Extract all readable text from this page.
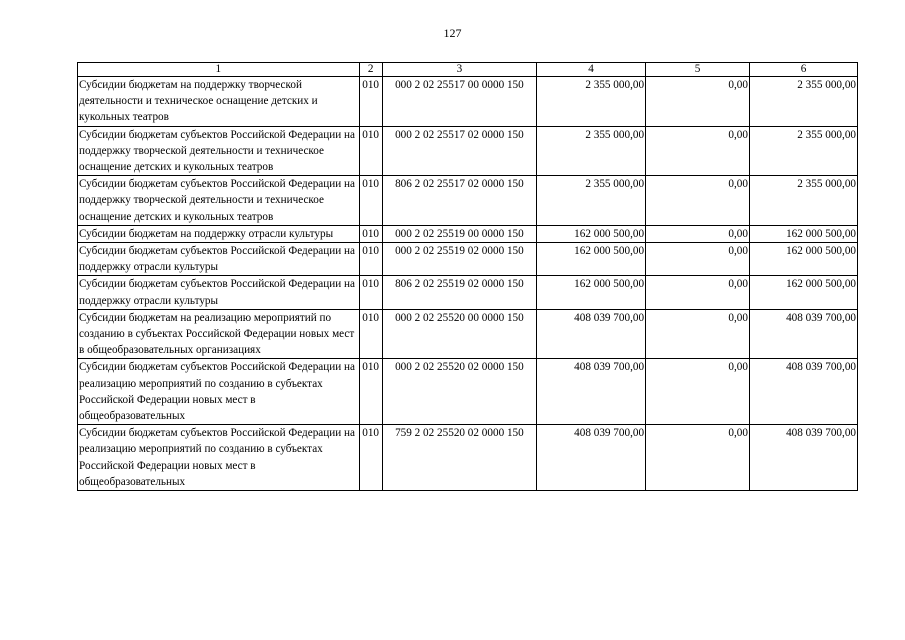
127
1	2	3	4	5	6
Субсидии бюджетам на поддержку творческой деятельности и техническое оснащение детских и кукольных театров	010	000 2 02 25517 00 0000 150	2 355 000,00	0,00	2 355 000,00
Субсидии бюджетам субъектов Российской Федерации на поддержку творческой деятельности и техническое оснащение детских и кукольных театров	010	000 2 02 25517 02 0000 150	2 355 000,00	0,00	2 355 000,00
Субсидии бюджетам субъектов Российской Федерации на поддержку творческой деятельности и техническое оснащение детских и кукольных театров	010	806 2 02 25517 02 0000 150	2 355 000,00	0,00	2 355 000,00
Субсидии бюджетам на поддержку отрасли культуры	010	000 2 02 25519 00 0000 150	162 000 500,00	0,00	162 000 500,00
Субсидии бюджетам субъектов Российской Федерации на поддержку отрасли культуры	010	000 2 02 25519 02 0000 150	162 000 500,00	0,00	162 000 500,00
Субсидии бюджетам субъектов Российской Федерации на поддержку отрасли культуры	010	806 2 02 25519 02 0000 150	162 000 500,00	0,00	162 000 500,00
Субсидии бюджетам на реализацию мероприятий по созданию в субъектах Российской Федерации новых мест в общеобразовательных организациях	010	000 2 02 25520 00 0000 150	408 039 700,00	0,00	408 039 700,00
Субсидии бюджетам субъектов Российской Федерации на реализацию мероприятий по созданию в субъектах Российской Федерации новых мест в общеобразовательных	010	000 2 02 25520 02 0000 150	408 039 700,00	0,00	408 039 700,00
Субсидии бюджетам субъектов Российской Федерации на реализацию мероприятий по созданию в субъектах Российской Федерации новых мест в общеобразовательных	010	759 2 02 25520 02 0000 150	408 039 700,00	0,00	408 039 700,00
